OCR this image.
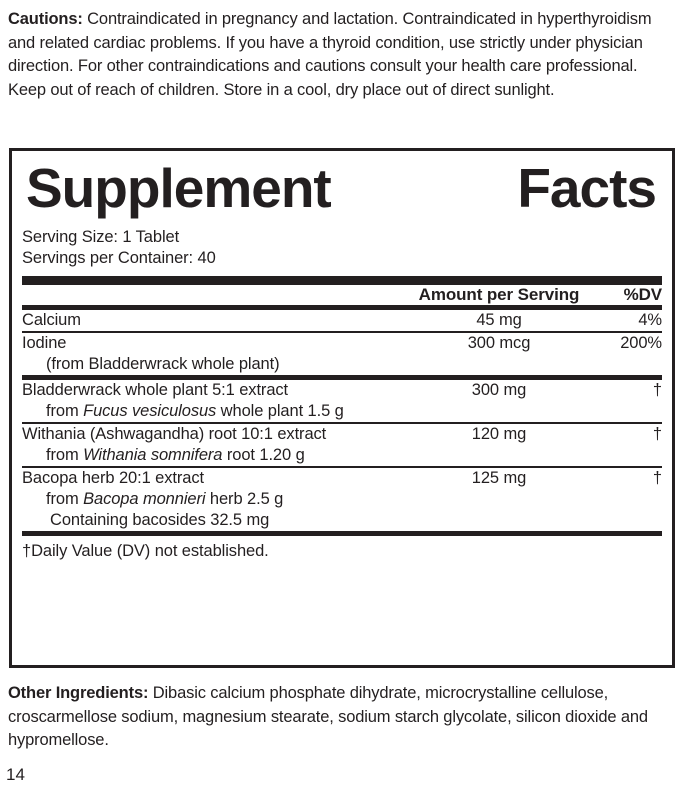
Cautions: Contraindicated in pregnancy and lactation. Contraindicated in hyperthyroidism and related cardiac problems. If you have a thyroid condition, use strictly under physician direction. For other contraindications and cautions consult your health care professional. Keep out of reach of children. Store in a cool, dry place out of direct sunlight.
Supplement	Facts
Serving Size: 1 Tablet
Servings per Container: 40
	Amount per Serving	%DV
Calcium	45 mg	4%
Iodine
(from Bladderwrack whole plant)
	300 mcg	200%
Bladderwrack whole plant 5:1 extract
from Fucus vesiculosus whole plant 1.5 g
	300 mg	†
Withania (Ashwagandha) root 10:1 extract
from Withania somnifera root 1.20 g
	120 mg	†
Bacopa herb 20:1 extract
from Bacopa monnieri herb 2.5 g
Containing bacosides 32.5 mg
	125 mg	†
†Daily Value (DV) not established.
Other Ingredients: Dibasic calcium phosphate dihydrate, microcrystalline cellulose, croscarmellose sodium, magnesium stearate, sodium starch glycolate, silicon dioxide and hypromellose.
14
